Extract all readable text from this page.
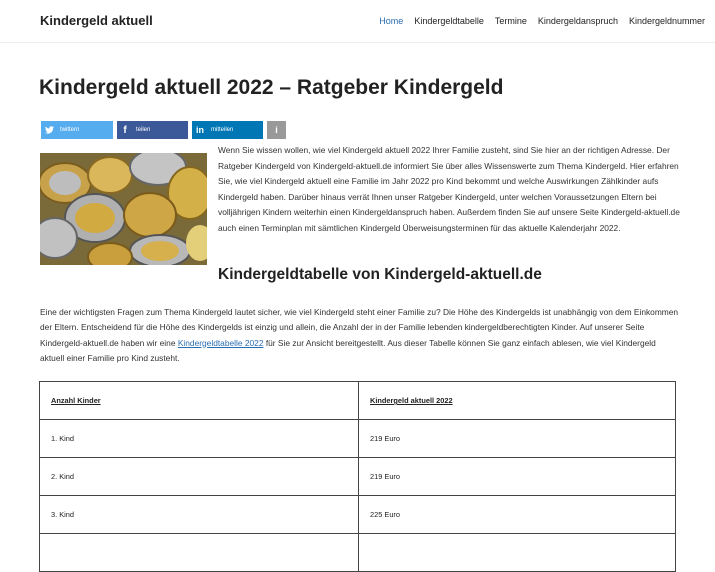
Kindergeld aktuell	Home Kindergeldtabelle Termine Kindergeldanspruch Kindergeldnummer
Kindergeld aktuell 2022 – Ratgeber Kindergeld
twittern	f	teilen	in	mitteilen	i

Wenn Sie wissen wollen, wie viel Kindergeld aktuell 2022 Ihrer Familie zusteht, sind Sie hier an der richtigen Adresse. Der Ratgeber Kindergeld von Kindergeld-aktuell.de informiert Sie über alles Wissenswerte zum Thema Kindergeld. Hier erfahren Sie, wie viel Kindergeld aktuell eine Familie im Jahr 2022 pro Kind bekommt und welche Auswirkungen Zählkinder aufs Kindergeld haben. Darüber hinaus verrät Ihnen unser Ratgeber Kindergeld, unter welchen Voraussetzungen Eltern bei volljährigen Kindern weiterhin einen Kindergeldanspruch haben. Außerdem finden Sie auf unsere Seite Kindergeld-aktuell.de auch einen Terminplan mit sämtlichen Kindergeld Überweisungsterminen für das aktuelle Kalenderjahr 2022.

Kindergeldtabelle von Kindergeld-aktuell.de

Eine der wichtigsten Fragen zum Thema Kindergeld lautet sicher, wie viel Kindergeld steht einer Familie zu? Die Höhe des Kindergelds ist unabhängig von dem Einkommen der Eltern. Entscheidend für die Höhe des Kindergelds ist einzig und allein, die Anzahl der in der Familie lebenden kindergeldberechtigten Kinder. Auf unserer Seite Kindergeld-aktuell.de haben wir eine Kindergeldtabelle 2022 für Sie zur Ansicht bereitgestellt. Aus dieser Tabelle können Sie ganz einfach ablesen, wie viel Kindergeld aktuell einer Familie pro Kind zusteht.

Anzahl Kinder	Kindergeld aktuell 2022
1. Kind	219 Euro
2. Kind	219 Euro
3. Kind	225 Euro
